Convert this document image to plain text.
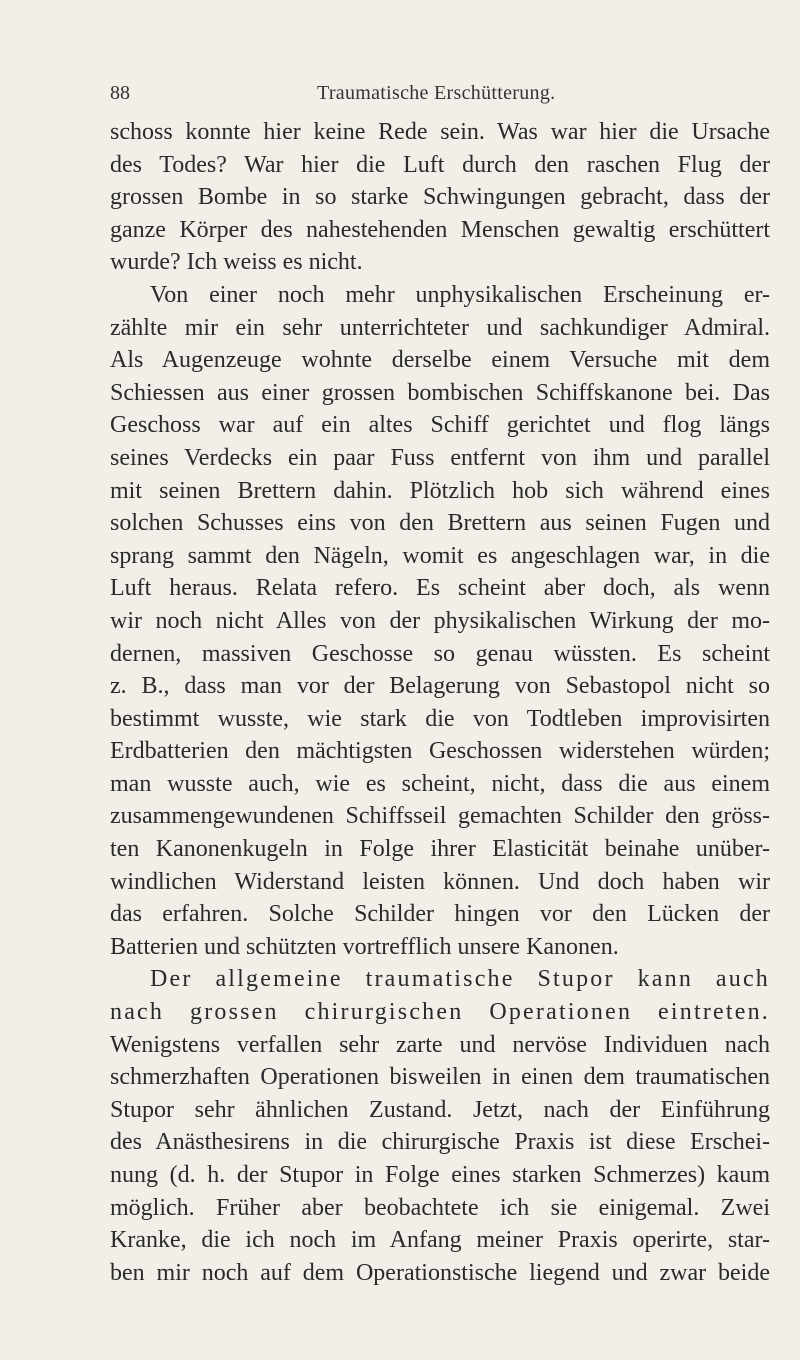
88	Traumatische Erschütterung.
schoss konnte hier keine Rede sein. Was war hier die Ursache
des Todes? War hier die Luft durch den raschen Flug der
grossen Bombe in so starke Schwingungen gebracht, dass der
ganze Körper des nahestehenden Menschen gewaltig erschüttert
wurde? Ich weiss es nicht.
Von einer noch mehr unphysikalischen Erscheinung er-
zählte mir ein sehr unterrichteter und sachkundiger Admiral.
Als Augenzeuge wohnte derselbe einem Versuche mit dem
Schiessen aus einer grossen bombischen Schiffskanone bei. Das
Geschoss war auf ein altes Schiff gerichtet und flog längs
seines Verdecks ein paar Fuss entfernt von ihm und parallel
mit seinen Brettern dahin. Plötzlich hob sich während eines
solchen Schusses eins von den Brettern aus seinen Fugen und
sprang sammt den Nägeln, womit es angeschlagen war, in die
Luft heraus. Relata refero. Es scheint aber doch, als wenn
wir noch nicht Alles von der physikalischen Wirkung der mo-
dernen, massiven Geschosse so genau wüssten. Es scheint
z. B., dass man vor der Belagerung von Sebastopol nicht so
bestimmt wusste, wie stark die von Todtleben improvisirten
Erdbatterien den mächtigsten Geschossen widerstehen würden;
man wusste auch, wie es scheint, nicht, dass die aus einem
zusammengewundenen Schiffsseil gemachten Schilder den gröss-
ten Kanonenkugeln in Folge ihrer Elasticität beinahe unüber-
windlichen Widerstand leisten können. Und doch haben wir
das erfahren. Solche Schilder hingen vor den Lücken der
Batterien und schützten vortrefflich unsere Kanonen.
Der allgemeine traumatische Stupor kann auch
nach grossen chirurgischen Operationen eintreten.
Wenigstens verfallen sehr zarte und nervöse Individuen nach
schmerzhaften Operationen bisweilen in einen dem traumatischen
Stupor sehr ähnlichen Zustand. Jetzt, nach der Einführung
des Anästhesirens in die chirurgische Praxis ist diese Erschei-
nung (d. h. der Stupor in Folge eines starken Schmerzes) kaum
möglich. Früher aber beobachtete ich sie einigemal. Zwei
Kranke, die ich noch im Anfang meiner Praxis operirte, star-
ben mir noch auf dem Operationstische liegend und zwar beide
